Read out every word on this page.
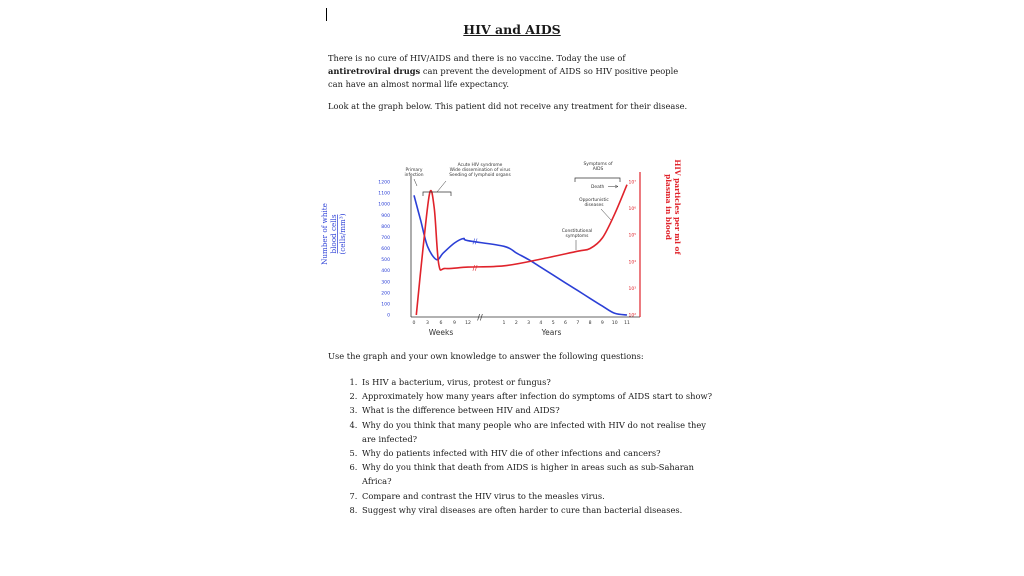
HIV and AIDS
There is no cure of HIV/AIDS and there is no vaccine. Today the use of antiretroviral drugs can prevent the development of AIDS so HIV positive people can have an almost normal life expectancy.
Look at the graph below. This patient did not receive any treatment for their disease.
0
100
200
300
400
500
600
700
800
900
1000
1100
1200
10²
10³
10⁴
10⁵
10⁶
10⁷
0 3 6 9 12	1 2 3 4 5 6 7 8 9 10 11
Weeks	Years
//
Number of white blood cells (cells/mm³)	HIV particles per ml of
plasma in blood
//
//
Primary
infection
Acute HIV syndrome
Wide dissemination of virus
Seeding of lymphoid organs
Symptoms of
AIDS
Death
Opportunistic
diseases
Constitutional
symptoms
Use the graph and your own knowledge to answer the following questions:
1. Is HIV a bacterium, virus, protest or fungus?
2. Approximately how many years after infection do symptoms of AIDS start to show?
3. What is the difference between HIV and AIDS?
4. Why do you think that many people who are infected with HIV do not realise they are infected?
5. Why do patients infected with HIV die of other infections and cancers?
6. Why do you think that death from AIDS is higher in areas such as sub-Saharan Africa?
7. Compare and contrast the HIV virus to the measles virus.
8. Suggest why viral diseases are often harder to cure than bacterial diseases.
